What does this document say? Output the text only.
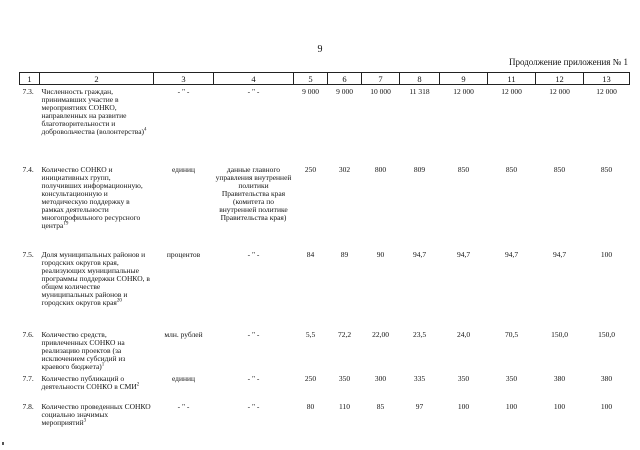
9
Продолжение приложения № 1
1	2	3	4	5	6	7	8	9	11	12	13
7.3.	Численность граждан, принимавших участие в мероприятиях СОНКО, направленных на развитие благотворительности и добровольчества (волонтерства)$^4$	- " -	- " -	9 000	9 000	10 000	11 318	12 000	12 000	12 000	12 000
7.4.	Количество СОНКО и инициативных групп, получивших информационную, консультационную и методическую поддержку в рамках деятельности многопрофильного ресурсного центра$^{19}$	единиц	данные главного управления внутренней политики Правительства края (комитета по внутренней политике Правительства края)	250	302	800	809	850	850	850	850
7.5.	Доля муниципальных районов и городских округов края, реализующих муниципальные программы поддержки СОНКО, в общем количестве муниципальных районов и городских округов края$^{20}$	процентов	- " -	84	89	90	94,7	94,7	94,7	94,7	100
7.6.	Количество средств, привлеченных СОНКО на реализацию проектов (за исключением субсидий из краевого бюджета)$^1$	млн. рублей	- " -	5,5	72,2	22,00	23,5	24,0	70,5	150,0	150,0
7.7.	Количество публикаций о деятельности СОНКО в СМИ$^2$	единиц	- " -	250	350	300	335	350	350	380	380
7.8.	Количество проведенных СОНКО социально значимых мероприятий$^3$	- " -	- " -	80	110	85	97	100	100	100	100
